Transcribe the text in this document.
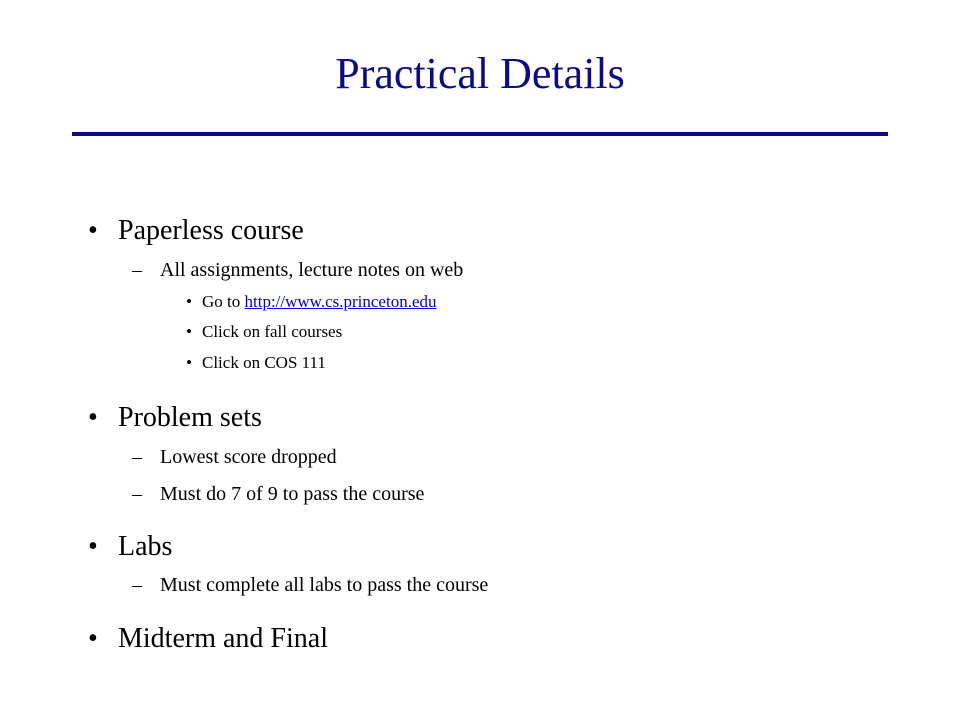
Practical Details
• Paperless course
– All assignments, lecture notes on web
• Go to http://www.cs.princeton.edu
• Click on fall courses
• Click on COS 111
• Problem sets
– Lowest score dropped
– Must do 7 of 9 to pass the course
• Labs
– Must complete all labs to pass the course
• Midterm and Final
